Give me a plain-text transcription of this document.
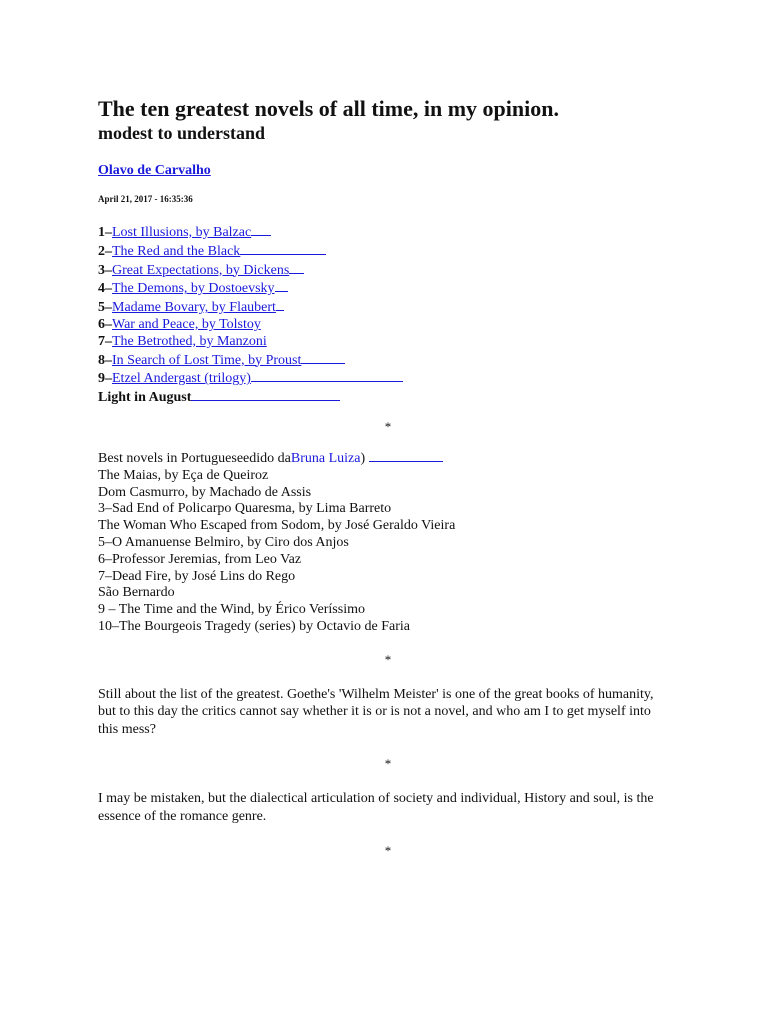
The ten greatest novels of all time, in my opinion.
modest to understand
Olavo de Carvalho
April 21, 2017 - 16:35:36
1–Lost Illusions, by Balzac
2–The Red and the Black
3–Great Expectations, by Dickens
4–The Demons, by Dostoevsky
5–Madame Bovary, by Flaubert
6–War and Peace, by Tolstoy
7–The Betrothed, by Manzoni
8–In Search of Lost Time, by Proust
9–Etzel Andergast (trilogy)
Light in August
*
Best novels in Portugueseedido daBruna Luiza)
The Maias, by Eça de Queiroz
Dom Casmurro, by Machado de Assis
3–Sad End of Policarpo Quaresma, by Lima Barreto
The Woman Who Escaped from Sodom, by José Geraldo Vieira
5–O Amanuense Belmiro, by Ciro dos Anjos
6–Professor Jeremias, from Leo Vaz
7–Dead Fire, by José Lins do Rego
São Bernardo
9 – The Time and the Wind, by Érico Veríssimo
10–The Bourgeois Tragedy (series) by Octavio de Faria
*
Still about the list of the greatest. Goethe's 'Wilhelm Meister' is one of the great books of humanity, but to this day the critics cannot say whether it is or is not a novel, and who am I to get myself into this mess?
*
I may be mistaken, but the dialectical articulation of society and individual, History and soul, is the essence of the romance genre.
*
